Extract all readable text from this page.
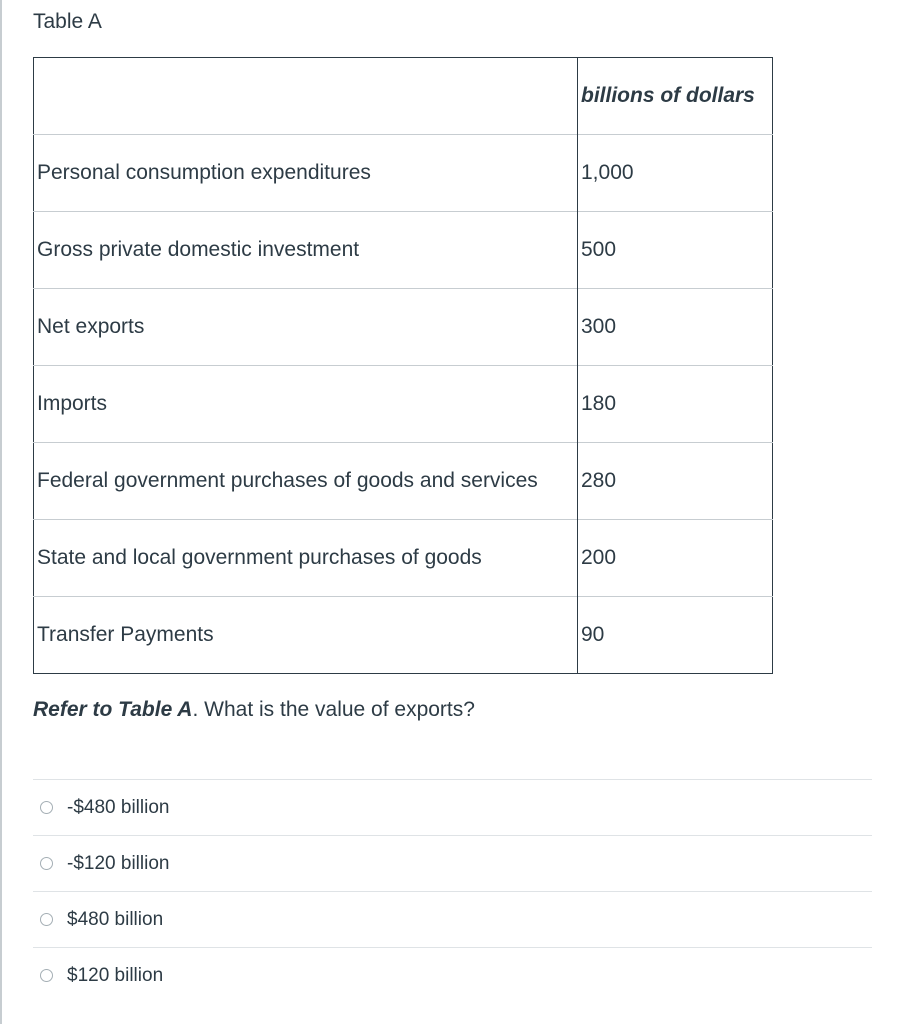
Table A
	billions of dollars
Personal consumption expenditures	1,000
Gross private domestic investment	500
Net exports	300
Imports	180
Federal government purchases of goods and services	280
State and local government purchases of goods	200
Transfer Payments	90

Refer to Table A. What is the value of exports?

-$480 billion
-$120 billion
$480 billion
$120 billion
